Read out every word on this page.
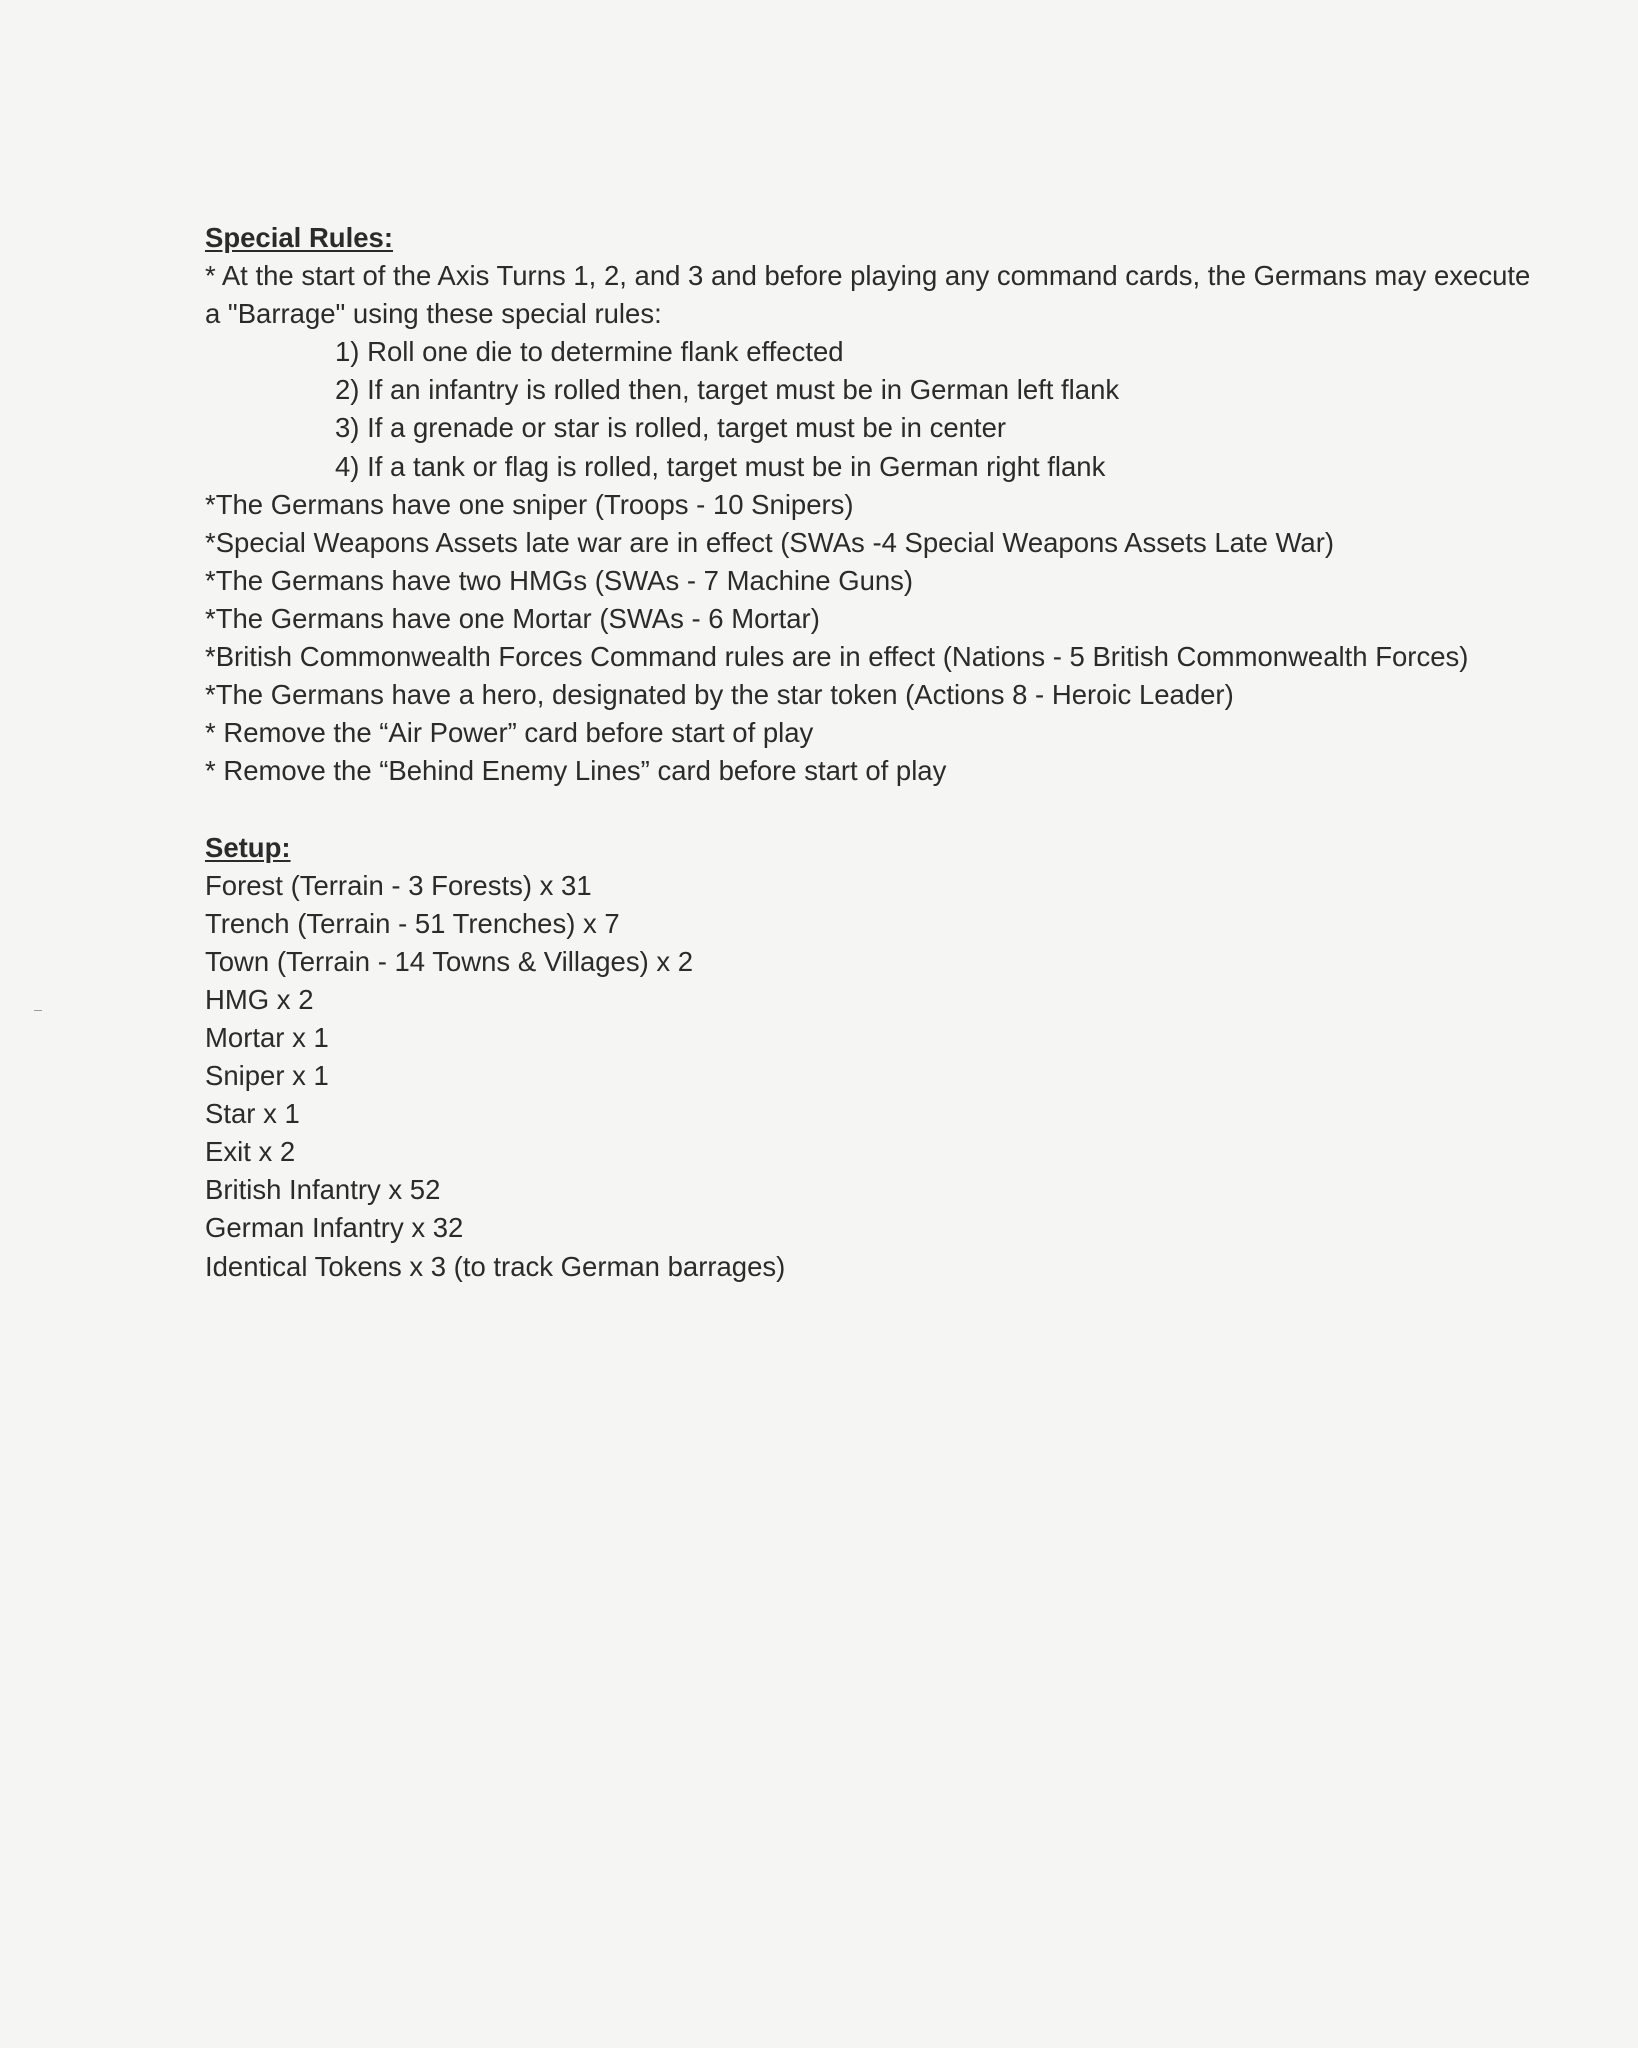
Special Rules:

* At the start of the Axis Turns 1, 2, and 3 and before playing any command cards, the Germans may execute a "Barrage" using these special rules:

1) Roll one die to determine flank effected

2) If an infantry is rolled then, target must be in German left flank

3) If a grenade or star is rolled, target must be in center

4) If a tank or flag is rolled, target must be in German right flank

*The Germans have one sniper (Troops - 10 Snipers)

*Special Weapons Assets late war are in effect (SWAs -4 Special Weapons Assets Late War)

*The Germans have two HMGs (SWAs - 7 Machine Guns)

*The Germans have one Mortar (SWAs - 6 Mortar)

*British Commonwealth Forces Command rules are in effect (Nations - 5 British Commonwealth Forces)

*The Germans have a hero, designated by the star token (Actions 8 - Heroic Leader)

* Remove the “Air Power” card before start of play

* Remove the “Behind Enemy Lines” card before start of play

Setup:

Forest (Terrain - 3 Forests) x 31

Trench (Terrain - 51 Trenches) x 7

Town (Terrain - 14 Towns & Villages) x 2

HMG x 2

Mortar x 1

Sniper x 1

Star x 1

Exit x 2

British Infantry x 52

German Infantry x 32

Identical Tokens x 3 (to track German barrages)
